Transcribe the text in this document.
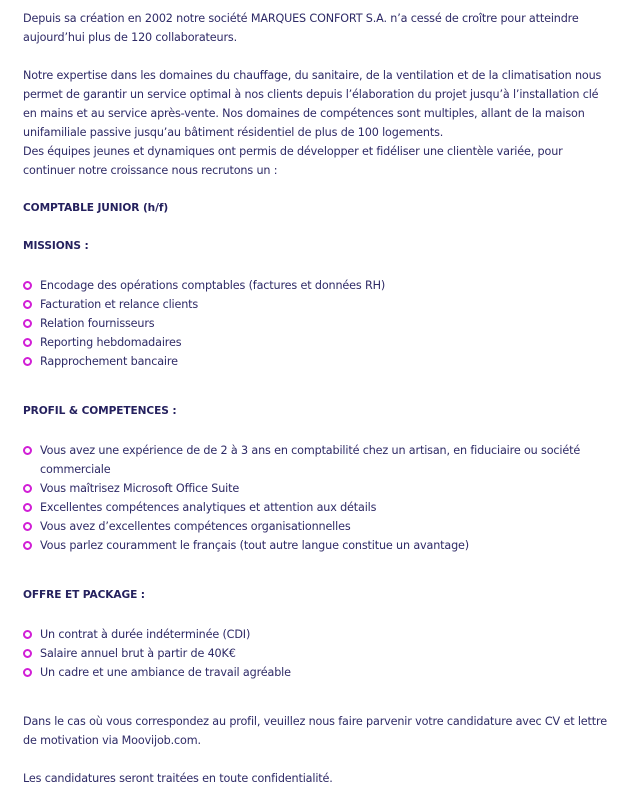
Depuis sa création en 2002 notre société MARQUES CONFORT S.A. n’a cessé de croître pour atteindre aujourd’hui plus de 120 collaborateurs.

Notre expertise dans les domaines du chauffage, du sanitaire, de la ventilation et de la climatisation nous permet de garantir un service optimal à nos clients depuis l’élaboration du projet jusqu’à l’installation clé en mains et au service après-vente. Nos domaines de compétences sont multiples, allant de la maison unifamiliale passive jusqu’au bâtiment résidentiel de plus de 100 logements.

Des équipes jeunes et dynamiques ont permis de développer et fidéliser une clientèle variée, pour continuer notre croissance nous recrutons un :

COMPTABLE JUNIOR (h/f)

MISSIONS :

Encodage des opérations comptables (factures et données RH)
Facturation et relance clients
Relation fournisseurs
Reporting hebdomadaires
Rapprochement bancaire

PROFIL & COMPETENCES :

Vous avez une expérience de de 2 à 3 ans en comptabilité chez un artisan, en fiduciaire ou société commerciale
Vous maîtrisez Microsoft Office Suite
Excellentes compétences analytiques et attention aux détails
Vous avez d’excellentes compétences organisationnelles
Vous parlez couramment le français (tout autre langue constitue un avantage)

OFFRE ET PACKAGE :

Un contrat à durée indéterminée (CDI)
Salaire annuel brut à partir de 40K€
Un cadre et une ambiance de travail agréable

Dans le cas où vous correspondez au profil, veuillez nous faire parvenir votre candidature avec CV et lettre de motivation via Moovijob.com.

Les candidatures seront traitées en toute confidentialité.
